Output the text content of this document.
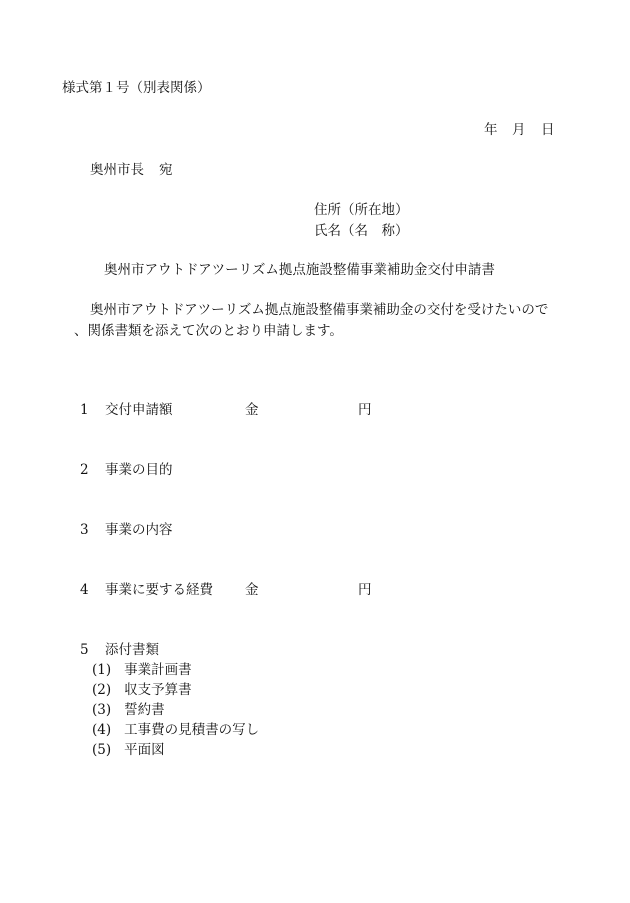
様式第１号（別表関係）
年 月 日
奥州市長 宛
住所（所在地）
氏名（名　称）
奥州市アウトドアツーリズム拠点施設整備事業補助金交付申請書
奥州市アウトドアツーリズム拠点施設整備事業補助金の交付を受けたいので
、関係書類を添えて次のとおり申請します。
1 交付申請額	金	円
2 事業の目的
3 事業の内容
4 事業に要する経費 金	円
5 添付書類
(1) 事業計画書
(2) 収支予算書
(3) 誓約書
(4) 工事費の見積書の写し
(5) 平面図
